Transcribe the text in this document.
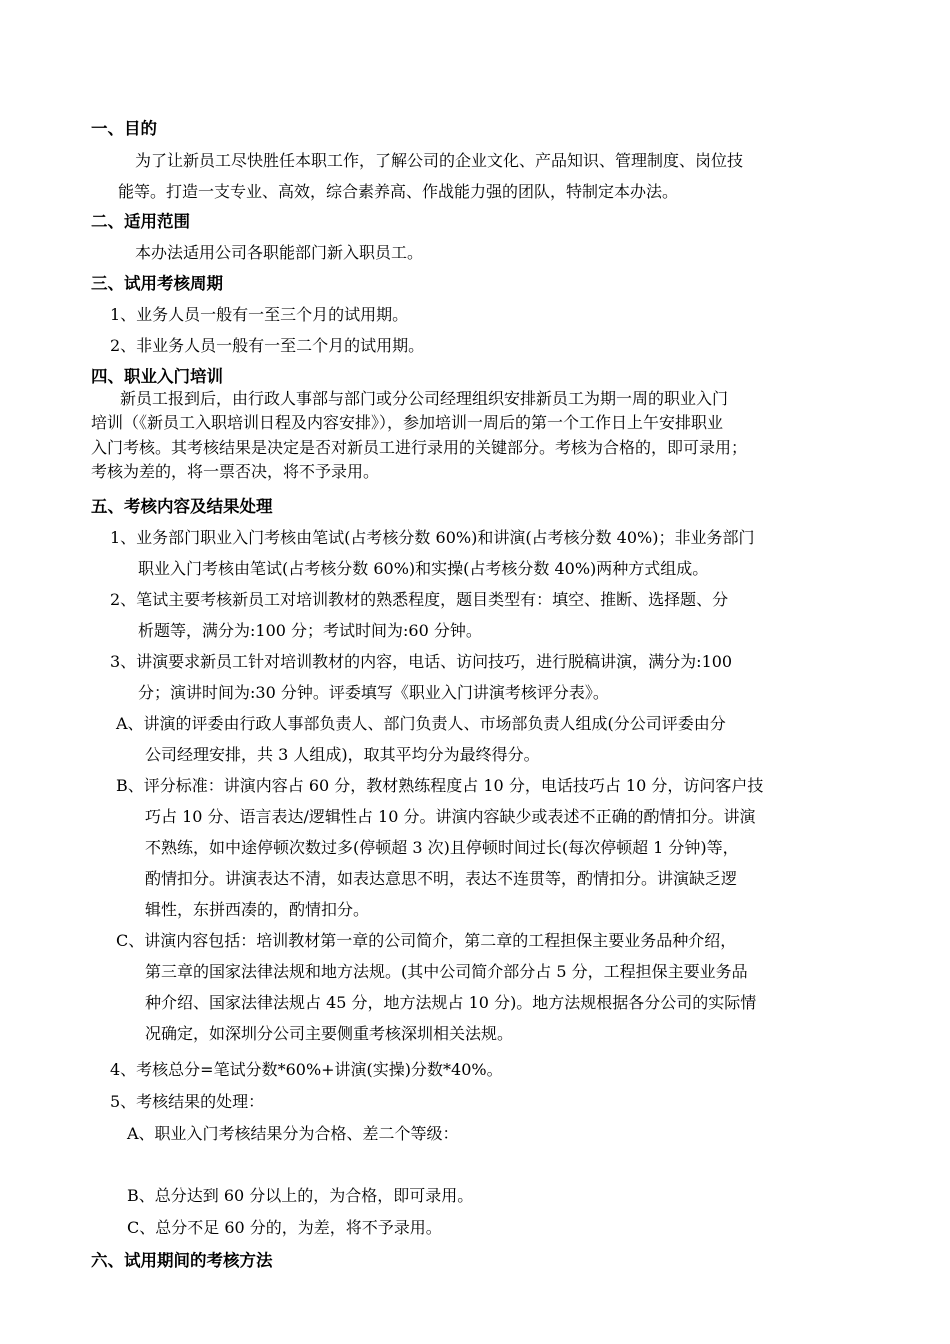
一、目的
为了让新员工尽快胜任本职工作，了解公司的企业文化、产品知识、管理制度、岗位技
能等。打造一支专业、高效，综合素养高、作战能力强的团队，特制定本办法。
二、适用范围
本办法适用公司各职能部门新入职员工。
三、试用考核周期
1、业务人员一般有一至三个月的试用期。
2、非业务人员一般有一至二个月的试用期。
四、职业入门培训
新员工报到后，由行政人事部与部门或分公司经理组织安排新员工为期一周的职业入门
培训（《新员工入职培训日程及内容安排》），参加培训一周后的第一个工作日上午安排职业
入门考核。其考核结果是决定是否对新员工进行录用的关键部分。考核为合格的，即可录用；
考核为差的，将一票否决，将不予录用。
五、考核内容及结果处理
1、业务部门职业入门考核由笔试(占考核分数 60%)和讲演(占考核分数 40%)；非业务部门
职业入门考核由笔试(占考核分数 60%)和实操(占考核分数 40%)两种方式组成。
2、笔试主要考核新员工对培训教材的熟悉程度，题目类型有：填空、推断、选择题、分
析题等，满分为:100 分；考试时间为:60 分钟。
3、讲演要求新员工针对培训教材的内容，电话、访问技巧，进行脱稿讲演，满分为:100
分；演讲时间为:30 分钟。评委填写《职业入门讲演考核评分表》。
A、讲演的评委由行政人事部负责人、部门负责人、市场部负责人组成(分公司评委由分
公司经理安排，共 3 人组成)，取其平均分为最终得分。
B、评分标准：讲演内容占 60 分，教材熟练程度占 10 分，电话技巧占 10 分，访问客户技
巧占 10 分、语言表达/逻辑性占 10 分。讲演内容缺少或表述不正确的酌情扣分。讲演
不熟练，如中途停顿次数过多(停顿超 3 次)且停顿时间过长(每次停顿超 1 分钟)等，
酌情扣分。讲演表达不清，如表达意思不明，表达不连贯等，酌情扣分。讲演缺乏逻
辑性，东拼西凑的，酌情扣分。
C、讲演内容包括：培训教材第一章的公司简介，第二章的工程担保主要业务品种介绍，
第三章的国家法律法规和地方法规。(其中公司简介部分占 5 分，工程担保主要业务品
种介绍、国家法律法规占 45 分，地方法规占 10 分)。地方法规根据各分公司的实际情
况确定，如深圳分公司主要侧重考核深圳相关法规。
4、考核总分=笔试分数*60%+讲演(实操)分数*40%。
5、考核结果的处理：
A、职业入门考核结果分为合格、差二个等级：
B、总分达到 60 分以上的，为合格，即可录用。
C、总分不足 60 分的，为差，将不予录用。
六、试用期间的考核方法
